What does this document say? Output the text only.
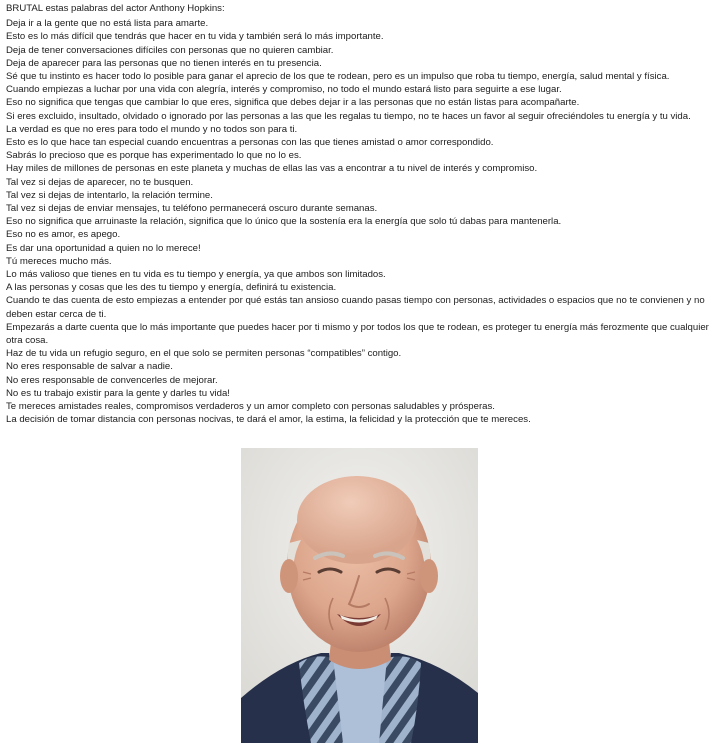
BRUTAL estas palabras del actor Anthony Hopkins:

Deja ir a la gente que no está lista para amarte.
Esto es lo más difícil que tendrás que hacer en tu vida y también será lo más importante.
Deja de tener conversaciones difíciles con personas que no quieren cambiar.
Deja de aparecer para las personas que no tienen interés en tu presencia.
Sé que tu instinto es hacer todo lo posible para ganar el aprecio de los que te rodean, pero es un impulso que roba tu tiempo, energía, salud mental y física.
Cuando empiezas a luchar por una vida con alegría, interés y compromiso, no todo el mundo estará listo para seguirte a ese lugar.
Eso no significa que tengas que cambiar lo que eres, significa que debes dejar ir a las personas que no están listas para acompañarte.
Si eres excluido, insultado, olvidado o ignorado por las personas a las que les regalas tu tiempo, no te haces un favor al seguir ofreciéndoles tu energía y tu vida.
La verdad es que no eres para todo el mundo y no todos son para ti.
Esto es lo que hace tan especial cuando encuentras a personas con las que tienes amistad o amor correspondido.
Sabrás lo precioso que es porque has experimentado lo que no lo es.
Hay miles de millones de personas en este planeta y muchas de ellas las vas a encontrar a tu nivel de interés y compromiso.
Tal vez si dejas de aparecer, no te busquen.
Tal vez si dejas de intentarlo, la relación termine.
Tal vez si dejas de enviar mensajes, tu teléfono permanecerá oscuro durante semanas.
Eso no significa que arruinaste la relación, significa que lo único que la sostenía era la energía que solo tú dabas para mantenerla.
Eso no es amor, es apego.
Es dar una oportunidad a quien no lo merece!
Tú mereces mucho más.
Lo más valioso que tienes en tu vida es tu tiempo y energía, ya que ambos son limitados.
A las personas y cosas que les des tu tiempo y energía, definirá tu existencia.
Cuando te das cuenta de esto empiezas a entender por qué estás tan ansioso cuando pasas tiempo con personas, actividades o espacios que no te convienen y no deben estar cerca de ti.
Empezarás a darte cuenta que lo más importante que puedes hacer por ti mismo y por todos los que te rodean, es proteger tu energía más ferozmente que cualquier otra cosa.
Haz de tu vida un refugio seguro, en el que solo se permiten personas “compatibles” contigo.
No eres responsable de salvar a nadie.
No eres responsable de convencerles de mejorar.
No es tu trabajo existir para la gente y darles tu vida!
Te mereces amistades reales, compromisos verdaderos y un amor completo con personas saludables y prósperas.
La decisión de tomar distancia con personas nocivas, te dará el amor, la estima, la felicidad y la protección que te mereces.
